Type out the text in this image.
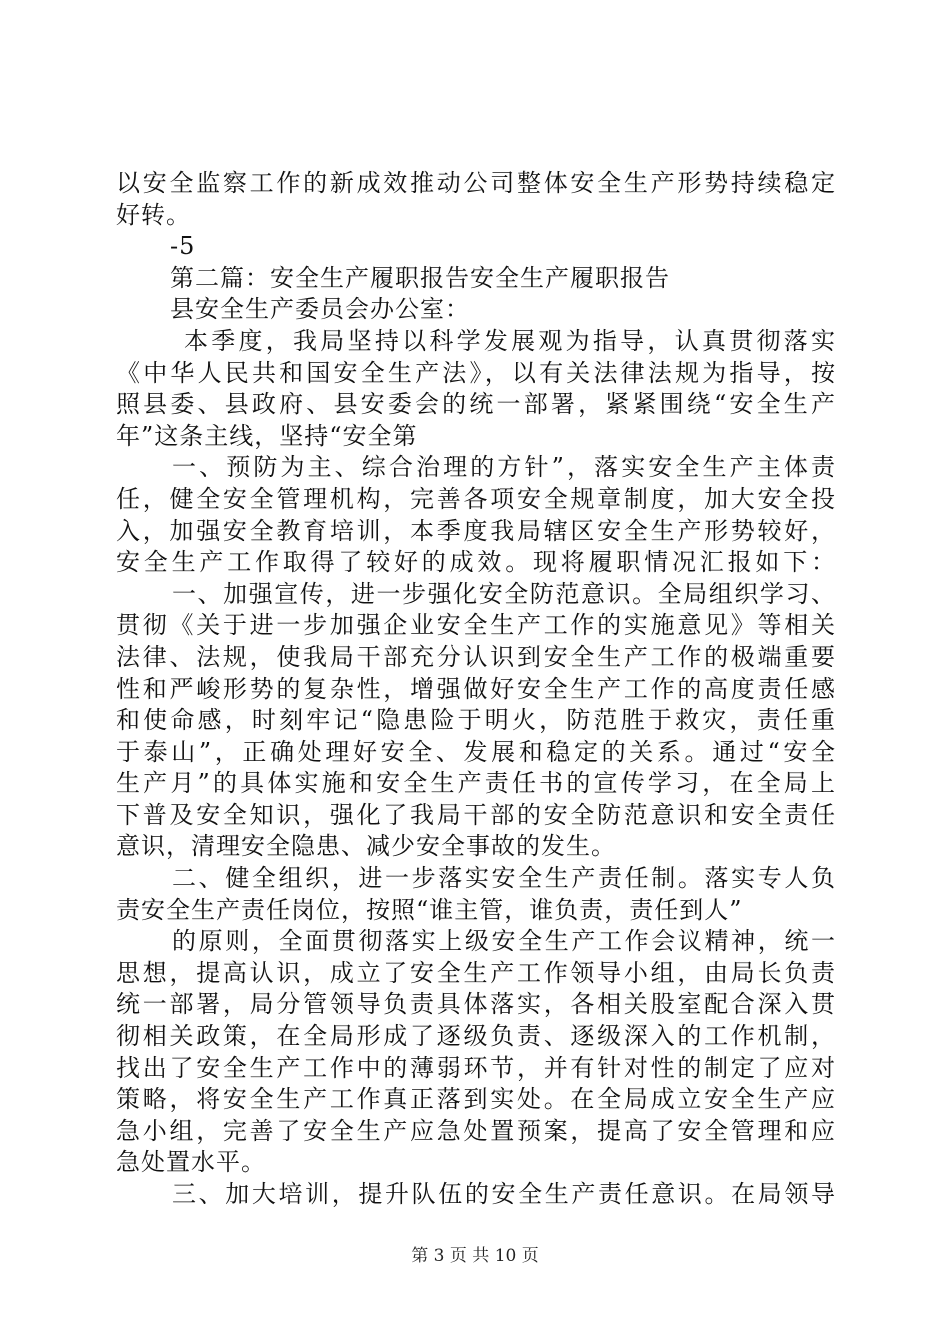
以安全监察工作的新成效推动公司整体安全生产形势持续稳定
好转。
-5
第二篇：安全生产履职报告安全生产履职报告
县安全生产委员会办公室：
本季度，我局坚持以科学发展观为指导，认真贯彻落实
《中华人民共和国安全生产法》，以有关法律法规为指导，按
照县委、县政府、县安委会的统一部署，紧紧围绕“安全生产
年”这条主线，坚持“安全第
一、预防为主、综合治理的方针”，落实安全生产主体责
任，健全安全管理机构，完善各项安全规章制度，加大安全投
入，加强安全教育培训，本季度我局辖区安全生产形势较好，
安全生产工作取得了较好的成效。现将履职情况汇报如下：
一、加强宣传，进一步强化安全防范意识。全局组织学习、
贯彻《关于进一步加强企业安全生产工作的实施意见》等相关
法律、法规，使我局干部充分认识到安全生产工作的极端重要
性和严峻形势的复杂性，增强做好安全生产工作的高度责任感
和使命感，时刻牢记“隐患险于明火，防范胜于救灾，责任重
于泰山”，正确处理好安全、发展和稳定的关系。通过“安全
生产月”的具体实施和安全生产责任书的宣传学习，在全局上
下普及安全知识，强化了我局干部的安全防范意识和安全责任
意识，清理安全隐患、减少安全事故的发生。
二、健全组织，进一步落实安全生产责任制。落实专人负
责安全生产责任岗位，按照“谁主管，谁负责，责任到人”
的原则，全面贯彻落实上级安全生产工作会议精神，统一
思想，提高认识，成立了安全生产工作领导小组，由局长负责
统一部署，局分管领导负责具体落实，各相关股室配合深入贯
彻相关政策，在全局形成了逐级负责、逐级深入的工作机制，
找出了安全生产工作中的薄弱环节，并有针对性的制定了应对
策略，将安全生产工作真正落到实处。在全局成立安全生产应
急小组，完善了安全生产应急处置预案，提高了安全管理和应
急处置水平。
三、加大培训，提升队伍的安全生产责任意识。在局领导
第 3 页 共 10 页
